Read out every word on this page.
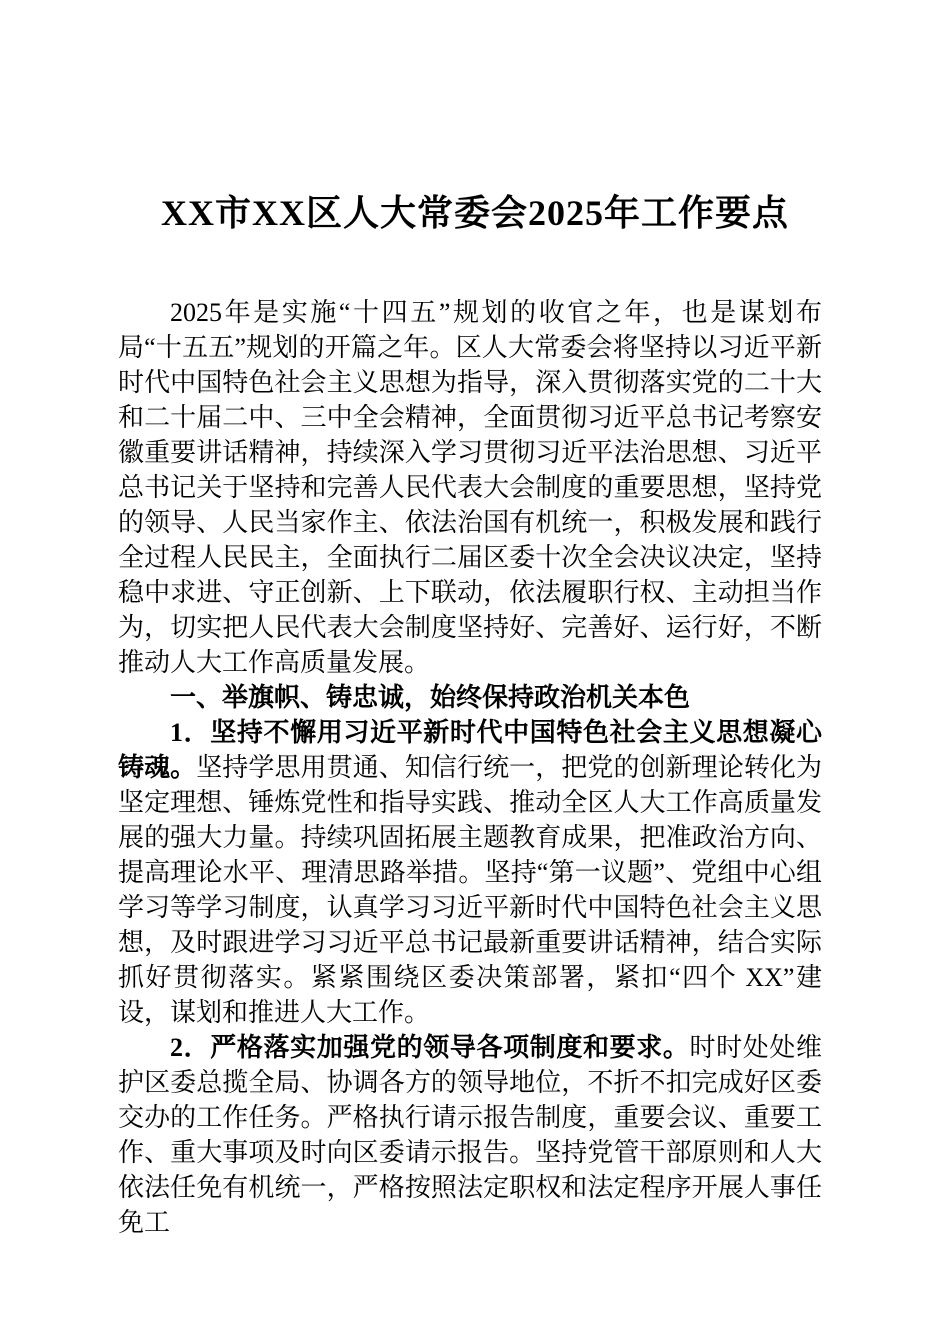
XX市XX区人大常委会2025年工作要点

2025年是实施“十四五”规划的收官之年，也是谋划布局“十五五”规划的开篇之年。区人大常委会将坚持以习近平新时代中国特色社会主义思想为指导，深入贯彻落实党的二十大和二十届二中、三中全会精神，全面贯彻习近平总书记考察安徽重要讲话精神，持续深入学习贯彻习近平法治思想、习近平总书记关于坚持和完善人民代表大会制度的重要思想，坚持党的领导、人民当家作主、依法治国有机统一，积极发展和践行全过程人民民主，全面执行二届区委十次全会决议决定，坚持稳中求进、守正创新、上下联动，依法履职行权、主动担当作为，切实把人民代表大会制度坚持好、完善好、运行好，不断推动人大工作高质量发展。

一、举旗帜、铸忠诚，始终保持政治机关本色

1．坚持不懈用习近平新时代中国特色社会主义思想凝心铸魂。坚持学思用贯通、知信行统一，把党的创新理论转化为坚定理想、锤炼党性和指导实践、推动全区人大工作高质量发展的强大力量。持续巩固拓展主题教育成果，把准政治方向、提高理论水平、理清思路举措。坚持“第一议题”、党组中心组学习等学习制度，认真学习习近平新时代中国特色社会主义思想，及时跟进学习习近平总书记最新重要讲话精神，结合实际抓好贯彻落实。紧紧围绕区委决策部署，紧扣“四个 XX”建设，谋划和推进人大工作。

2．严格落实加强党的领导各项制度和要求。时时处处维护区委总揽全局、协调各方的领导地位，不折不扣完成好区委交办的工作任务。严格执行请示报告制度，重要会议、重要工作、重大事项及时向区委请示报告。坚持党管干部原则和人大依法任免有机统一，严格按照法定职权和法定程序开展人事任免工
